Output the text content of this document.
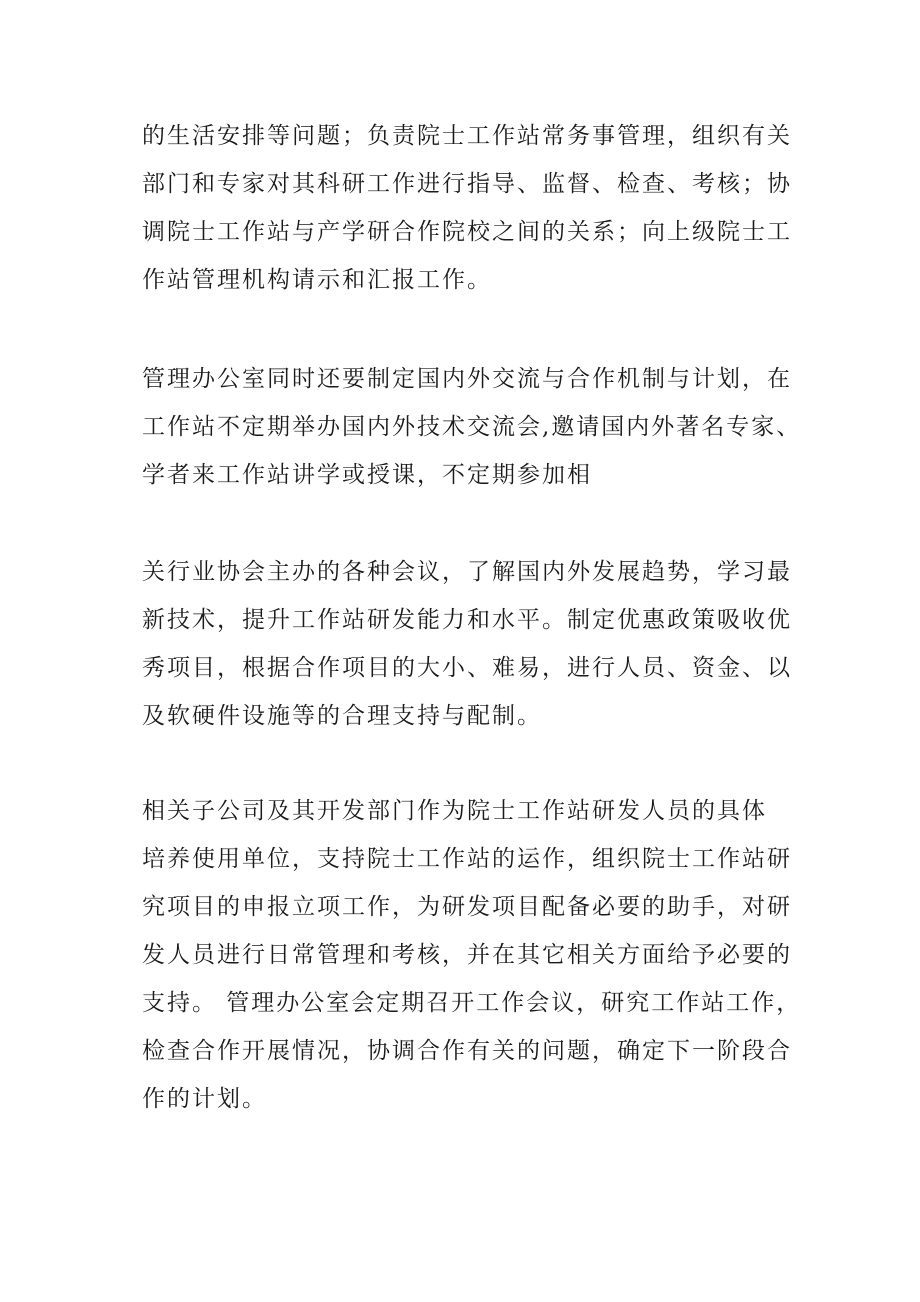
的生活安排等问题；负责院士工作站常务事管理，组织有关
部门和专家对其科研工作进行指导、监督、检查、考核；协
调院士工作站与产学研合作院校之间的关系；向上级院士工
作站管理机构请示和汇报工作。

管理办公室同时还要制定国内外交流与合作机制与计划，在
工作站不定期举办国内外技术交流会,邀请国内外著名专家、
学者来工作站讲学或授课，不定期参加相

关行业协会主办的各种会议，了解国内外发展趋势，学习最
新技术，提升工作站研发能力和水平。制定优惠政策吸收优
秀项目，根据合作项目的大小、难易，进行人员、资金、以
及软硬件设施等的合理支持与配制。

相关子公司及其开发部门作为院士工作站研发人员的具体
培养使用单位，支持院士工作站的运作，组织院士工作站研
究项目的申报立项工作，为研发项目配备必要的助手，对研
发人员进行日常管理和考核，并在其它相关方面给予必要的
支持。 管理办公室会定期召开工作会议，研究工作站工作，
检查合作开展情况，协调合作有关的问题，确定下一阶段合
作的计划。
